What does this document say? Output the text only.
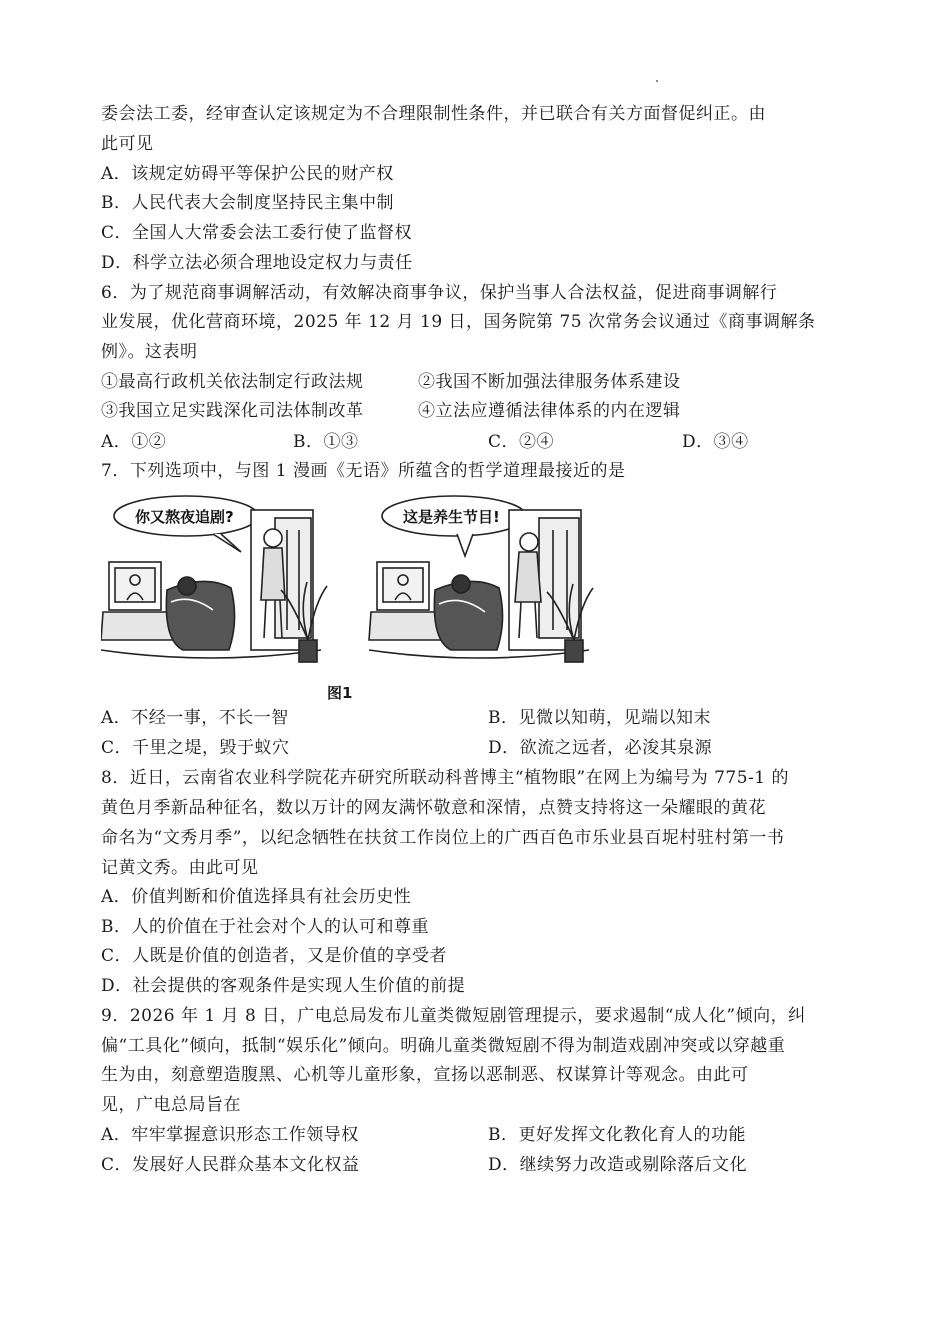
委会法工委，经审查认定该规定为不合理限制性条件，并已联合有关方面督促纠正。由
此可见
A．该规定妨碍平等保护公民的财产权
B．人民代表大会制度坚持民主集中制
C．全国人大常委会法工委行使了监督权
D．科学立法必须合理地设定权力与责任
6．为了规范商事调解活动，有效解决商事争议，保护当事人合法权益，促进商事调解行
业发展，优化营商环境，2025 年 12 月 19 日，国务院第 75 次常务会议通过《商事调解条
例》。这表明
①最高行政机关依法制定行政法规	②我国不断加强法律服务体系建设
③我国立足实践深化司法体制改革	④立法应遵循法律体系的内在逻辑
A．①②	B．①③	C．②④	D．③④
7．下列选项中，与图 1 漫画《无语》所蕴含的哲学道理最接近的是
你又熬夜追剧?	这是养生节目!
图1
A．不经一事，不长一智	B．见微以知萌，见端以知末
C．千里之堤，毁于蚁穴	D．欲流之远者，必浚其泉源
8．近日，云南省农业科学院花卉研究所联动科普博主“植物眼”在网上为编号为 775-1 的
黄色月季新品种征名，数以万计的网友满怀敬意和深情，点赞支持将这一朵耀眼的黄花
命名为“文秀月季”，以纪念牺牲在扶贫工作岗位上的广西百色市乐业县百坭村驻村第一书
记黄文秀。由此可见
A．价值判断和价值选择具有社会历史性
B．人的价值在于社会对个人的认可和尊重
C．人既是价值的创造者，又是价值的享受者
D．社会提供的客观条件是实现人生价值的前提
9．2026 年 1 月 8 日，广电总局发布儿童类微短剧管理提示，要求遏制“成人化”倾向，纠
偏“工具化”倾向，抵制“娱乐化”倾向。明确儿童类微短剧不得为制造戏剧冲突或以穿越重
生为由，刻意塑造腹黑、心机等儿童形象，宣扬以恶制恶、权谋算计等观念。由此可
见，广电总局旨在
A．牢牢掌握意识形态工作领导权	B．更好发挥文化教化育人的功能
C．发展好人民群众基本文化权益	D．继续努力改造或剔除落后文化
